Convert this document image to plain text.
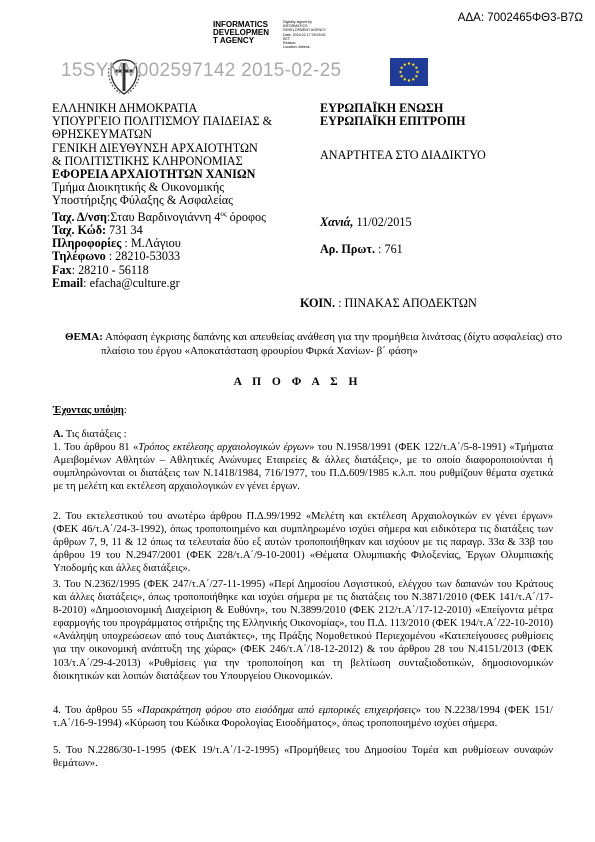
ΑΔΑ: 7002465ΦΘ3-Β7Ω
INFORMATICS
DEVELOPMEN
T AGENCY
Digitally signed by
INFORMATICS
DEVELOPMENT AGENCY
Date: 2015.02.17 09:09:42
EET
Reason:
Location: Athens
15SYMV002597142 2015-02-25
ΕΛΛΗΝΙΚΗ ΔΗΜΟΚΡΑΤΙΑ
ΥΠΟΥΡΓΕΙΟ ΠΟΛΙΤΙΣΜΟΥ ΠΑΙΔΕΙΑΣ &
ΘΡΗΣΚΕΥΜΑΤΩΝ
ΓΕΝΙΚΗ ΔΙΕΥΘΥΝΣΗ ΑΡΧΑΙΟΤΗΤΩΝ
& ΠΟΛΙΤΙΣΤΙΚΗΣ ΚΛΗΡΟΝΟΜΙΑΣ
ΕΦΟΡΕΙΑ ΑΡΧΑΙΟΤΗΤΩΝ ΧΑΝΙΩΝ
Τμήμα Διοικητικής & Οικονομικής
Υποστήριξης Φύλαξης & Ασφαλείας
Ταχ. Δ/νση:Σταυ Βαρδινογιάννη $4^{o\varsigma}$ όροφος
Ταχ. Κώδ: 731 34
Πληροφορίες : Μ.Λάγιου
Τηλέφωνο : 28210-53033
Fax: 28210 - 56118
Email: efacha@culture.gr
ΕΥΡΩΠΑΪΚΗ ΕΝΩΣΗ
ΕΥΡΩΠΑΪΚΗ ΕΠΙΤΡΟΠΗ
ΑΝΑΡΤΗΤΕΑ ΣΤΟ ΔΙΑΔΙΚΤΥΟ
Χανιά, 11/02/2015
Αρ. Πρωτ. : 761
ΚΟΙΝ. : ΠΙΝΑΚΑΣ ΑΠΟΔΕΚΤΩΝ
ΘΕΜΑ: Απόφαση έγκρισης δαπάνης και απευθείας ανάθεση για την προμήθεια λινάτσας (δίχτυ ασφαλείας) στο πλαίσιο του έργου «Αποκατάσταση φρουρίου Φιρκά Χανίων- β΄ φάση»
Α Π Ο Φ Α Σ Η
Έχοντας υπόψη:
Α. Τις διατάξεις :
1. Του άρθρου 81 «Τρόπος εκτέλεσης αρχαιολογικών έργων» του Ν.1958/1991 (ΦΕΚ 122/τ.Α΄/5-8-1991) «Τμήματα Αμειβομένων Αθλητών – Αθλητικές Ανώνυμες Εταιρείες & άλλες διατάξεις», με το οποίο διαφοροποιούνται ή συμπληρώνονται οι διατάξεις των Ν.1418/1984, 716/1977, του Π.Δ.609/1985 κ.λ.π. που ρυθμίζουν θέματα σχετικά με τη μελέτη και εκτέλεση αρχαιολογικών εν γένει έργων.
2. Του εκτελεστικού του ανωτέρω άρθρου Π.Δ.99/1992 «Μελέτη και εκτέλεση Αρχαιολογικών εν γένει έργων» (ΦΕΚ 46/τ.Α΄/24-3-1992), όπως τροποποιημένο και συμπληρωμένο ισχύει σήμερα και ειδικότερα τις διατάξεις των άρθρων 7, 9, 11 & 12 όπως τα τελευταία δύο εξ αυτών τροποποιήθηκαν και ισχύουν με τις παραγρ. 33α & 33β του άρθρου 19 του Ν.2947/2001 (ΦΕΚ 228/τ.Α΄/9-10-2001) «Θέματα Ολυμπιακής Φιλοξενίας, Έργων Ολυμπιακής Υποδομής και άλλες διατάξεις».
3. Του Ν.2362/1995 (ΦΕΚ 247/τ.Α΄/27-11-1995) «Περί Δημοσίου Λογιστικού, ελέγχου των δαπανών του Κράτους και άλλες διατάξεις», όπως τροποποιήθηκε και ισχύει σήμερα με τις διατάξεις του Ν.3871/2010 (ΦΕΚ 141/τ.Α΄/17-8-2010) «Δημοσιονομική Διαχείριση & Ευθύνη», του Ν.3899/2010 (ΦΕΚ 212/τ.Α΄/17-12-2010) «Επείγοντα μέτρα εφαρμογής του προγράμματος στήριξης της Ελληνικής Οικονομίας», του Π.Δ. 113/2010 (ΦΕΚ 194/τ.Α΄/22-10-2010) «Ανάληψη υποχρεώσεων από τους Διατάκτες», της Πράξης Νομοθετικού Περιεχομένου «Κατεπείγουσες ρυθμίσεις για την οικονομική ανάπτυξη της χώρας» (ΦΕΚ 246/τ.Α΄/18-12-2012) & του άρθρου 28 του Ν.4151/2013 (ΦΕΚ 103/τ.Α΄/29-4-2013) «Ρυθμίσεις για την τροποποίηση και τη βελτίωση συνταξιοδοτικών, δημοσιονομικών διοικητικών και λοιπών διατάξεων του Υπουργείου Οικονομικών.
4. Του άρθρου 55 «Παρακράτηση φόρου στο εισόδημα από εμπορικές επιχειρήσεις» του Ν.2238/1994 (ΦΕΚ 151/τ.Α΄/16-9-1994) «Κύρωση του Κώδικα Φορολογίας Εισοδήματος», όπως τροποποιημένο ισχύει σήμερα.
5. Του Ν.2286/30-1-1995 (ΦΕΚ 19/τ.Α΄/1-2-1995) «Προμήθειες του Δημοσίου Τομέα και ρυθμίσεων συναφών θεμάτων».
